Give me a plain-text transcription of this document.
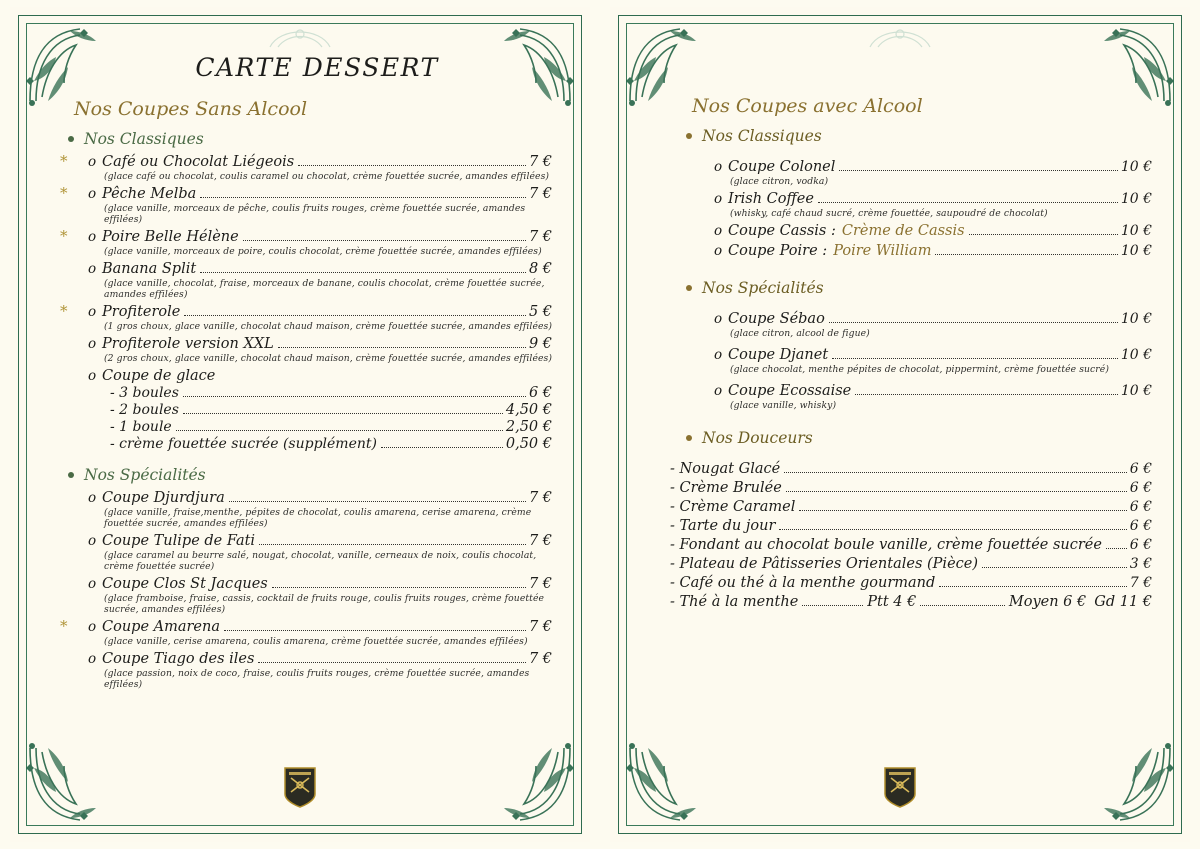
CARTE DESSERT
Nos Coupes Sans Alcool
Nos Classiques
* o Café ou Chocolat Liégeois	7 €
(glace café ou chocolat, coulis caramel ou chocolat, crème fouettée sucrée, amandes effilées)
* o Pêche Melba	7 €
(glace vanille, morceaux de pêche, coulis fruits rouges, crème fouettée sucrée, amandes effilées)
* o Poire Belle Hélène	7 €
(glace vanille, morceaux de poire, coulis chocolat, crème fouettée sucrée, amandes effilées)
o Banana Split	8 €
(glace vanille, chocolat, fraise, morceaux de banane, coulis chocolat, crème fouettée sucrée, amandes effilées)
* o Profiterole	5 €
(1 gros choux, glace vanille, chocolat chaud maison, crème fouettée sucrée, amandes effilées)
o Profiterole version XXL	9 €
(2 gros choux, glace vanille, chocolat chaud maison, crème fouettée sucrée, amandes effilées)
o Coupe de glace
- 3 boules	6 €
- 2 boules	4,50 €
- 1 boule	2,50 €
- crème fouettée sucrée (supplément)	0,50 €
Nos Spécialités
o Coupe Djurdjura	7 €
(glace vanille, fraise,menthe, pépites de chocolat, coulis amarena, cerise amarena, crème fouettée sucrée, amandes effilées)
o Coupe Tulipe de Fati	7 €
(glace caramel au beurre salé, nougat, chocolat, vanille, cerneaux de noix, coulis chocolat, crème fouettée sucrée)
o Coupe Clos St Jacques	7 €
(glace framboise, fraise, cassis, cocktail de fruits rouge, coulis fruits rouges, crème fouettée sucrée, amandes effilées)
* o Coupe Amarena	7 €
(glace vanille, cerise amarena, coulis amarena, crème fouettée sucrée, amandes effilées)
o Coupe Tiago des iles	7 €
(glace passion, noix de coco, fraise, coulis fruits rouges, crème fouettée sucrée, amandes effilées)
Nos Coupes avec Alcool
Nos Classiques
o Coupe Colonel	10 €
(glace citron, vodka)
o Irish Coffee	10 €
(whisky, café chaud sucré, crème fouettée, saupoudré de chocolat)
o Coupe Cassis : Crème de Cassis	10 €
o Coupe Poire : Poire William	10 €
Nos Spécialités
o Coupe Sébao	10 €
(glace citron, alcool de figue)
o Coupe Djanet	10 €
(glace chocolat, menthe pépites de chocolat, pippermint, crème fouettée sucré)
o Coupe Ecossaise	10 €
(glace vanille, whisky)
Nos Douceurs
- Nougat Glacé	6 €
- Crème Brulée	6 €
- Crème Caramel	6 €
- Tarte du jour	6 €
- Fondant au chocolat boule vanille, crème fouettée sucrée 6 €
- Plateau de Pâtisseries Orientales (Pièce)	3 €
- Café ou thé à la menthe gourmand	7 €
- Thé à la menthe	Ptt 4 €	Moyen 6 € Gd 11 €
